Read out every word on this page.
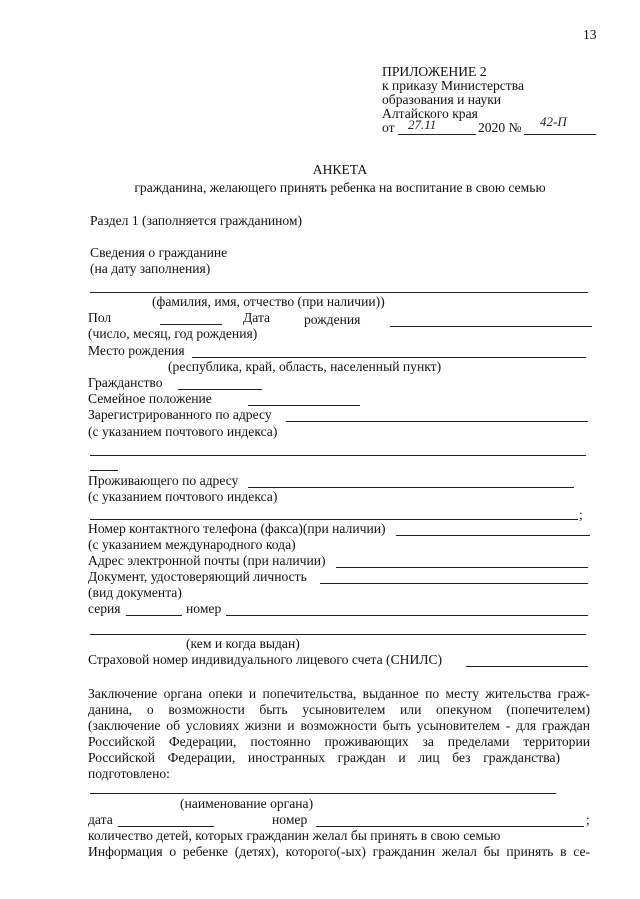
13
ПРИЛОЖЕНИЕ 2
к приказу Министерства
образования и науки
Алтайского края
от 27.11	2020 № 42-П
АНКЕТА
гражданина, желающего принять ребенка на воспитание в свою семью
Раздел 1 (заполняется гражданином)
Сведения о гражданине
(на дату заполнения)
(фамилия, имя, отчество (при наличии))
Пол	Дата рождения
(число, месяц, год рождения)
Место рождения
(республика, край, область, населенный пункт)
Гражданство
Семейное положение
Зарегистрированного по адресу
(с указанием почтового индекса)
Проживающего по адресу
(с указанием почтового индекса)
;
Номер контактного телефона (факса)(при наличии)
(с указанием международного кода)
Адрес электронной почты (при наличии)
Документ, удостоверяющий личность
(вид документа)
серия	номер
(кем и когда выдан)
Страховой номер индивидуального лицевого счета (СНИЛС)
Заключение органа опеки и попечительства, выданное по месту жительства граж-
данина, о возможности быть усыновителем или опекуном (попечителем)
(заключение об условиях жизни и возможности быть усыновителем - для граждан
Российской Федерации, постоянно проживающих за пределами территории
Российской Федерации, иностранных граждан и лиц без гражданства)
подготовлено:
(наименование органа)
дата	номер	;
количество детей, которых гражданин желал бы принять в свою семью
Информация о ребенке (детях), которого(-ых) гражданин желал бы принять в се-
